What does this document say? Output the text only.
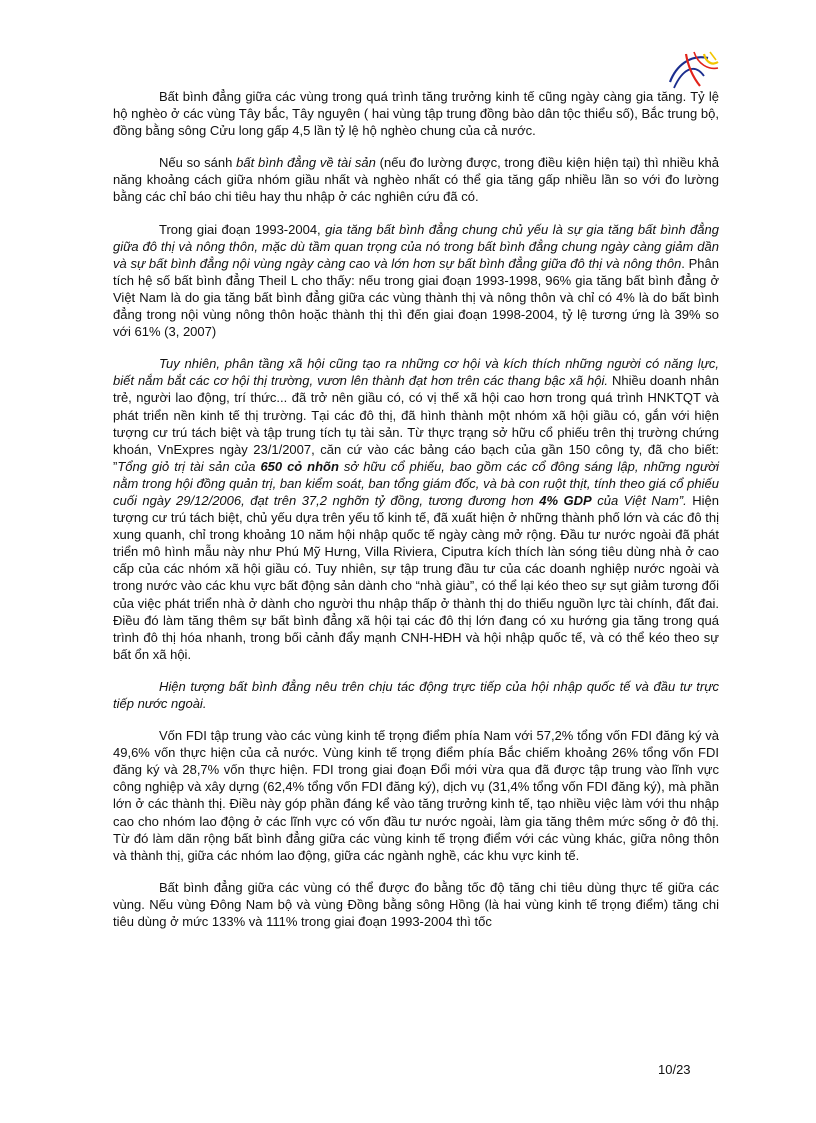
Bất bình đẳng giữa các vùng trong quá trình tăng trưởng kinh tế cũng ngày càng gia tăng. Tỷ lệ hộ nghèo ở các vùng Tây bắc, Tây nguyên ( hai vùng tập trung đồng bào dân tộc thiểu số), Bắc trung bộ, đồng bằng sông Cửu long gấp 4,5 lần tỷ lệ hộ nghèo chung của cả nước.

Nếu so sánh bất bình đẳng về tài sản (nếu đo lường được, trong điều kiện hiện tại) thì nhiều khả năng khoảng cách giữa nhóm giầu nhất và nghèo nhất có thể gia tăng gấp nhiều lần so với đo lường bằng các chỉ báo chi tiêu hay thu nhập ở các nghiên cứu đã có.

Trong giai đoạn 1993-2004, gia tăng bất bình đẳng chung chủ yếu là sự gia tăng bất bình đẳng giữa đô thị và nông thôn, mặc dù tầm quan trọng của nó trong bất bình đẳng chung ngày càng giảm dần và sự bất bình đẳng nội vùng ngày càng cao và lớn hơn sự bất bình đẳng giữa đô thị và nông thôn. Phân tích hệ số bất bình đẳng Theil L cho thấy: nếu trong giai đoạn 1993-1998, 96% gia tăng bất bình đẳng ở Việt Nam là do gia tăng bất bình đẳng giữa các vùng thành thị và nông thôn và chỉ có 4% là do bất bình đẳng trong nội vùng nông thôn hoặc thành thị thì đến giai đoạn 1998-2004, tỷ lệ tương ứng là 39% so với 61% (3, 2007)

Tuy nhiên, phân tầng xã hội cũng tạo ra những cơ hội và kích thích những người có năng lực, biết nắm bắt các cơ hội thị trường, vươn lên thành đạt hơn trên các thang bậc xã hội. Nhiều doanh nhân trẻ, người lao động, trí thức... đã trở nên giầu có, có vị thế xã hội cao hơn trong quá trình HNKTQT và phát triển nền kinh tế thị trường. Tại các đô thị, đã hình thành một nhóm xã hội giầu có, gắn với hiện tượng cư trú tách biệt và tập trung tích tụ tài sản. Từ thực trạng sở hữu cổ phiếu trên thị trường chứng khoán, VnExpres ngày 23/1/2007, căn cứ vào các bảng cáo bạch của gần 150 công ty, đã cho biết: ”Tổng giỏ trị tài sản của 650 cỏ nhõn sở hữu cổ phiếu, bao gồm các cổ đông sáng lập, những người nằm trong hội đồng quản trị, ban kiểm soát, ban tổng giám đốc, và bà con ruột thịt, tính theo giá cổ phiếu cuối ngày 29/12/2006, đạt trên 37,2 nghỡn tỷ đồng, tương đương hơn 4% GDP của Việt Nam”. Hiện tượng cư trú tách biệt, chủ yếu dựa trên yếu tố kinh tế, đã xuất hiện ở những thành phố lớn và các đô thị xung quanh, chỉ trong khoảng 10 năm hội nhập quốc tế ngày càng mở rộng. Đầu tư nước ngoài đã phát triển mô hình mẫu này như Phú Mỹ Hưng, Villa Riviera, Ciputra kích thích làn sóng tiêu dùng nhà ở cao cấp của các nhóm xã hội giầu có. Tuy nhiên, sự tập trung đầu tư của các doanh nghiệp nước ngoài và trong nước vào các khu vực bất động sản dành cho “nhà giàu”, có thể lại kéo theo sự sụt giảm tương đối của việc phát triển nhà ở dành cho người thu nhập thấp ở thành thị do thiếu nguồn lực tài chính, đất đai. Điều đó làm tăng thêm sự bất bình đẳng xã hội tại các đô thị lớn đang có xu hướng gia tăng trong quá trình đô thị hóa nhanh, trong bối cảnh đẩy mạnh CNH-HĐH và hội nhập quốc tế, và có thể kéo theo sự bất ổn xã hội.

Hiện tượng bất bình đẳng nêu trên chịu tác động trực tiếp của hội nhập quốc tế và đầu tư trực tiếp nước ngoài.

Vốn FDI tập trung vào các vùng kinh tế trọng điểm phía Nam với 57,2% tổng vốn FDI đăng ký và 49,6% vốn thực hiện của cả nước. Vùng kinh tế trọng điểm phía Bắc chiếm khoảng 26% tổng vốn FDI đăng ký và 28,7% vốn thực hiện. FDI trong giai đoạn Đổi mới vừa qua đã được tập trung vào lĩnh vực công nghiệp và xây dựng (62,4% tổng vốn FDI đăng ký), dịch vụ (31,4% tổng vốn FDI đăng ký), mà phần lớn ở các thành thị. Điều này góp phần đáng kể vào tăng trưởng kinh tế, tạo nhiều việc làm với thu nhập cao cho nhóm lao động ở các lĩnh vực có vốn đầu tư nước ngoài, làm gia tăng thêm mức sống ở đô thị. Từ đó làm dãn rộng bất bình đẳng giữa các vùng kinh tế trọng điểm với các vùng khác, giữa nông thôn và thành thị, giữa các nhóm lao động, giữa các ngành nghề, các khu vực kinh tế.

Bất bình đẳng giữa các vùng có thể được đo bằng tốc độ tăng chi tiêu dùng thực tế giữa các vùng. Nếu vùng Đông Nam bộ và vùng Đồng bằng sông Hồng (là hai vùng kinh tế trọng điểm) tăng chi tiêu dùng ở mức 133% và 111% trong giai đoạn 1993-2004 thì tốc

10/23
